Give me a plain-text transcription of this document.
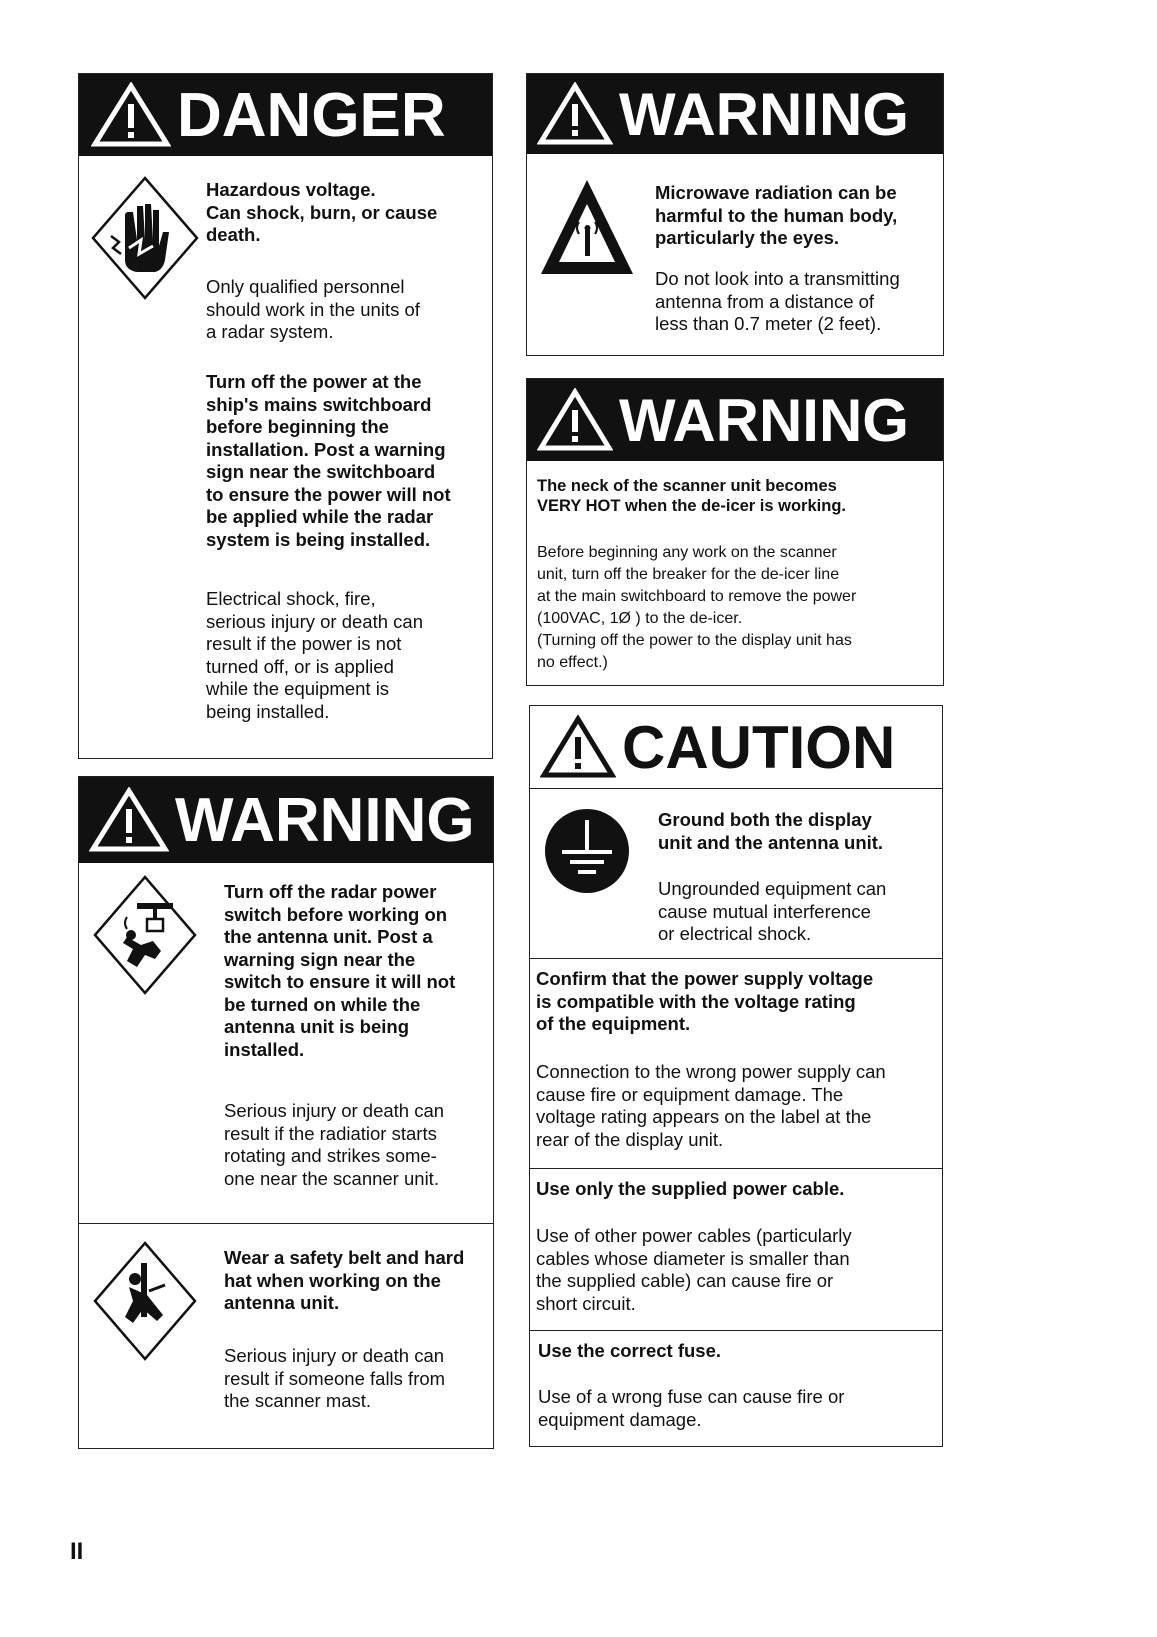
DANGER
Hazardous voltage.
Can shock, burn, or cause
death.
Only qualified personnel
should work in the units of
a radar system.
Turn off the power at the
ship's mains switchboard
before beginning the
installation. Post a warning
sign near the switchboard
to ensure the power will not
be applied while the radar
system is being installed.
Electrical shock, fire,
serious injury or death can
result if the power is not
turned off, or is applied
while the equipment is
being installed.
WARNING
Microwave radiation can be
harmful to the human body,
particularly the eyes.
Do not look into a transmitting
antenna from a distance of
less than 0.7 meter (2 feet).
WARNING
The neck of the scanner unit becomes
VERY HOT when the de-icer is working.
Before beginning any work on the scanner
unit, turn off the breaker for the de-icer line
at the main switchboard to remove the power
(100VAC, 1Ø ) to the de-icer.
(Turning off the power to the display unit has
no effect.)
WARNING
Turn off the radar power
switch before working on
the antenna unit. Post a
warning sign near the
switch to ensure it will not
be turned on while the
antenna unit is being
installed.
Serious injury or death can
result if the radiatior starts
rotating and strikes some-
one near the scanner unit.
Wear a safety belt and hard
hat when working on the
antenna unit.
Serious injury or death can
result if someone falls from
the scanner mast.
CAUTION
Ground both the display
unit and the antenna unit.
Ungrounded equipment can
cause mutual interference
or electrical shock.
Confirm that the power supply voltage
is compatible with the voltage rating
of the equipment.
Connection to the wrong power supply can
cause fire or equipment damage. The
voltage rating appears on the label at the
rear of the display unit.
Use only the supplied power cable.
Use of other power cables (particularly
cables whose diameter is smaller than
the supplied cable) can cause fire or
short circuit.
Use the correct fuse.
Use of a wrong fuse can cause fire or
equipment damage.
II
